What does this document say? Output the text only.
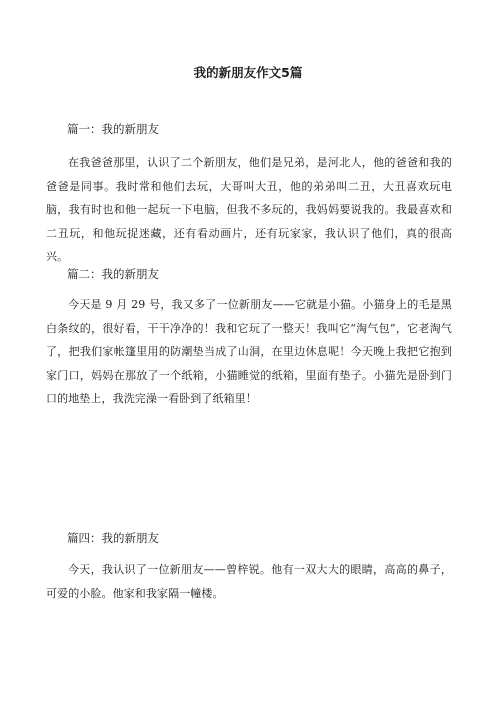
我的新朋友作文5篇
篇一：我的新朋友

在我爸爸那里，认识了二个新朋友，他们是兄弟，是河北人，他的爸爸和我的爸爸是同事。我时常和他们去玩，大哥叫大丑，他的弟弟叫二丑，大丑喜欢玩电脑，我有时也和他一起玩一下电脑，但我不多玩的，我妈妈要说我的。我最喜欢和二丑玩，和他玩捉迷藏，还有看动画片，还有玩家家，我认识了他们，真的很高兴。

篇二：我的新朋友

今天是 9 月 29 号，我又多了一位新朋友——它就是小猫。小猫身上的毛是黑白条纹的，很好看，干干净净的！我和它玩了一整天！我叫它“淘气包”，它老淘气了，把我们家帐篷里用的防潮垫当成了山洞，在里边休息呢！今天晚上我把它抱到家门口，妈妈在那放了一个纸箱，小猫睡觉的纸箱，里面有垫子。小猫先是卧到门口的地垫上，我洗完澡一看卧到了纸箱里！

篇四：我的新朋友

今天，我认识了一位新朋友——曾梓锐。他有一双大大的眼睛，高高的鼻子，可爱的小脸。他家和我家隔一幢楼。
